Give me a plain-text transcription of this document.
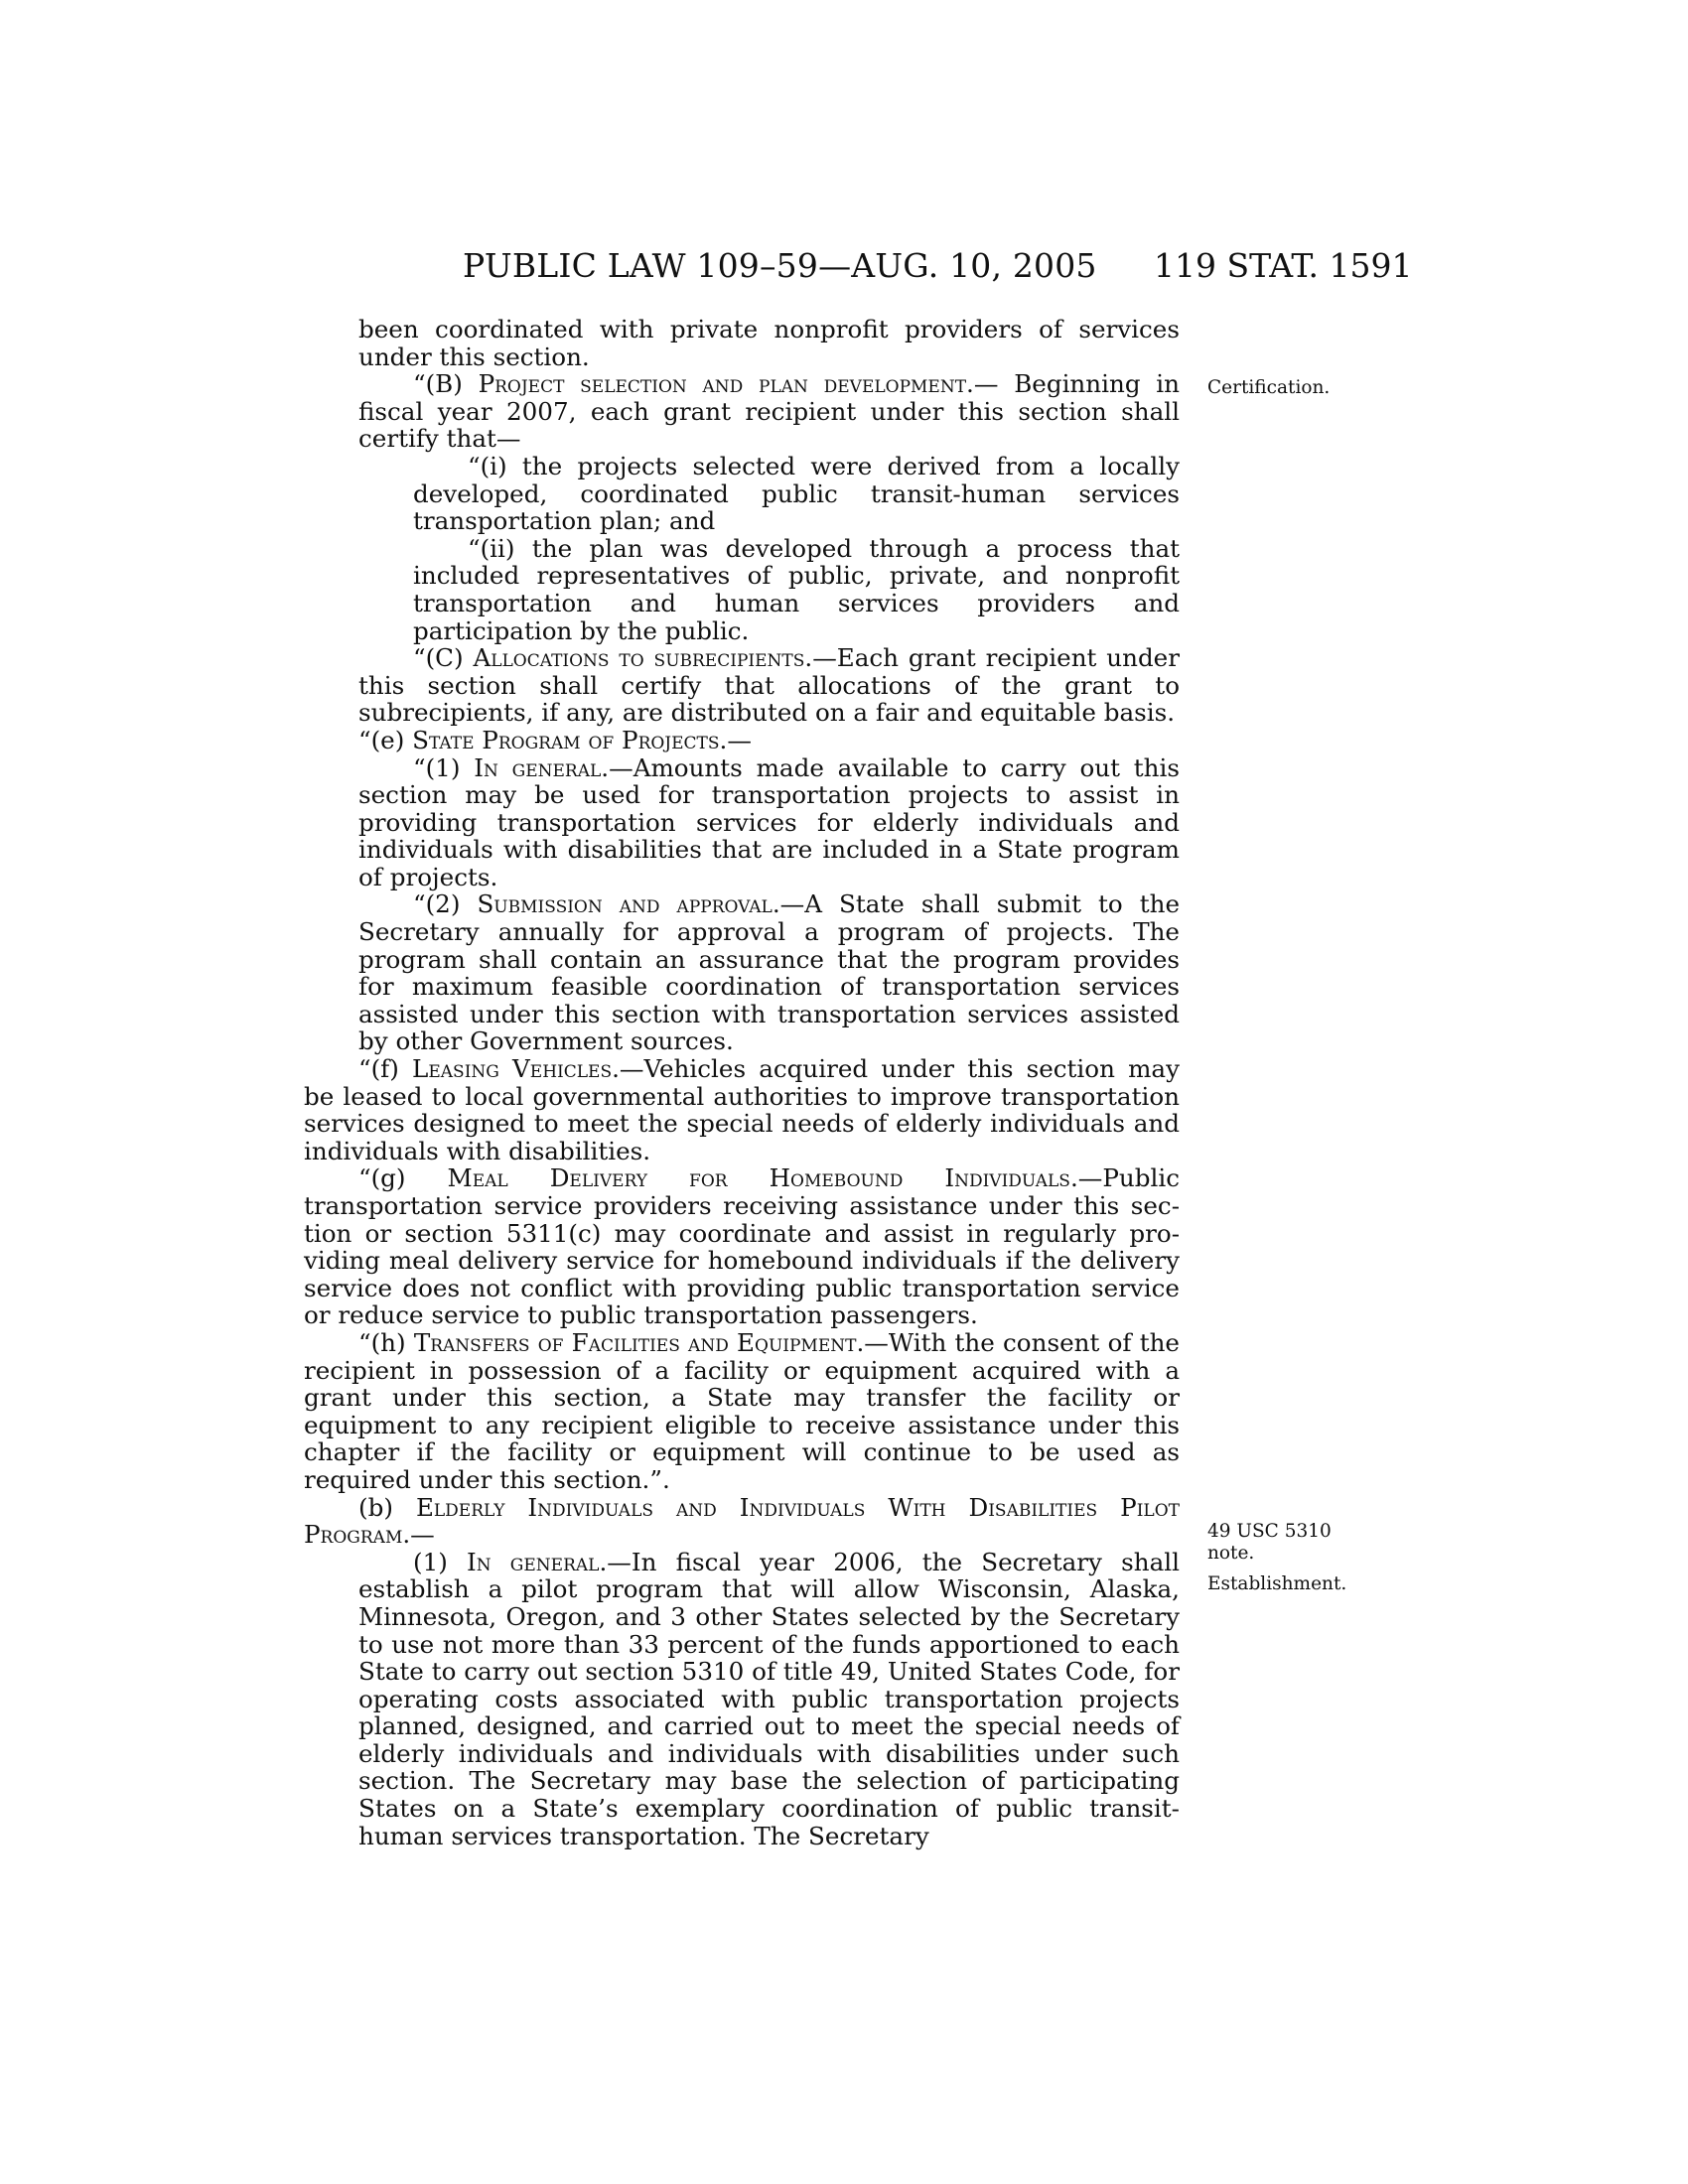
PUBLIC LAW 109–59—AUG. 10, 2005 119 STAT. 1591
Certification.
49 USC 5310
note.
Establishment.

been coordinated with private nonprofit providers of services under this section.

“(B) Project selection and plan development.— Beginning in fiscal year 2007, each grant recipient under this section shall certify that—

“(i) the projects selected were derived from a locally developed, coordinated public transit-human services transportation plan; and

“(ii) the plan was developed through a process that included representatives of public, private, and nonprofit transportation and human services providers and participation by the public.

“(C) Allocations to subrecipients.—Each grant recipient under this section shall certify that allocations of the grant to subrecipients, if any, are distributed on a fair and equitable basis.

“(e) State Program of Projects.—

“(1) In general.—Amounts made available to carry out this section may be used for transportation projects to assist in providing transportation services for elderly individuals and individuals with disabilities that are included in a State program of projects.

“(2) Submission and approval.—A State shall submit to the Secretary annually for approval a program of projects. The program shall contain an assurance that the program provides for maximum feasible coordination of transportation services assisted under this section with transportation services assisted by other Government sources.

“(f) Leasing Vehicles.—Vehicles acquired under this section may be leased to local governmental authorities to improve transportation services designed to meet the special needs of elderly individuals and individuals with disabilities.

“(g) Meal Delivery for Homebound Individuals.—Public transportation service providers receiving assistance under this section or section 5311(c) may coordinate and assist in regularly providing meal delivery service for homebound individuals if the delivery service does not conflict with providing public transportation service or reduce service to public transportation passengers.

“(h) Transfers of Facilities and Equipment.—With the consent of the recipient in possession of a facility or equipment acquired with a grant under this section, a State may transfer the facility or equipment to any recipient eligible to receive assistance under this chapter if the facility or equipment will continue to be used as required under this section.”.

(b) Elderly Individuals and Individuals With Disabilities Pilot Program.—

(1) In general.—In fiscal year 2006, the Secretary shall establish a pilot program that will allow Wisconsin, Alaska, Minnesota, Oregon, and 3 other States selected by the Secretary to use not more than 33 percent of the funds apportioned to each State to carry out section 5310 of title 49, United States Code, for operating costs associated with public transportation projects planned, designed, and carried out to meet the special needs of elderly individuals and individuals with disabilities under such section. The Secretary may base the selection of participating States on a State’s exemplary coordination of public transit-human services transportation. The Secretary
